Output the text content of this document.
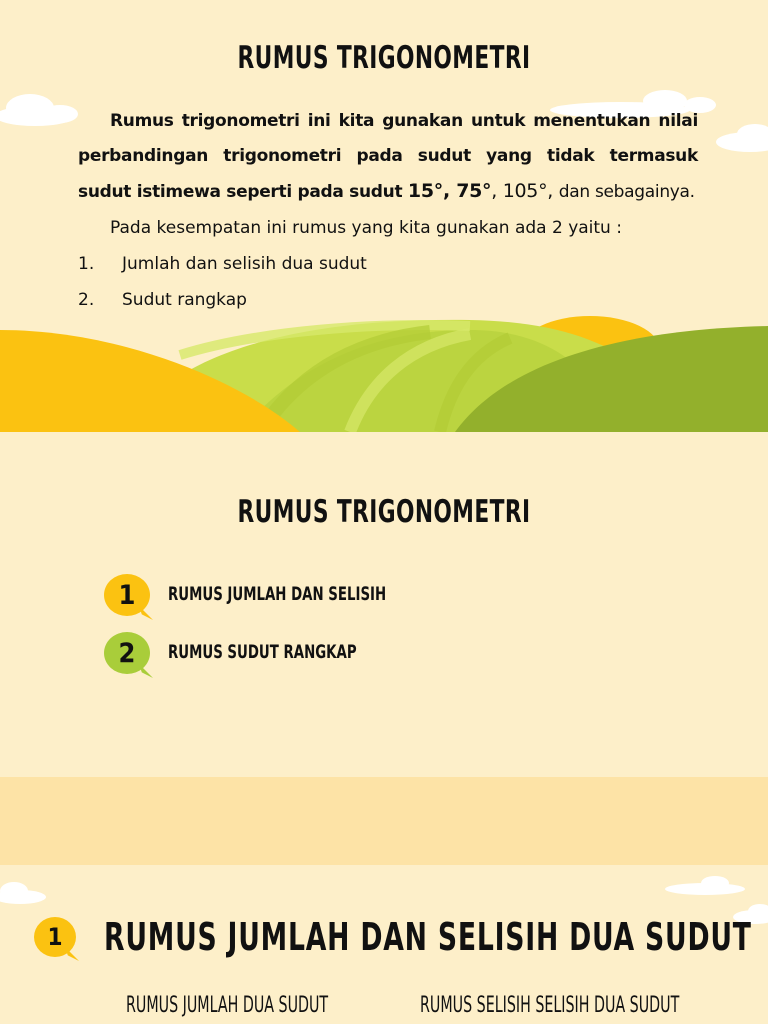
RUMUS TRIGONOMETRI
Rumus trigonometri ini kita gunakan untuk menentukan nilai perbandingan trigonometri pada sudut yang tidak termasuk sudut istimewa seperti pada sudut 15°, 75°, 105°, dan sebagainya.
Pada kesempatan ini rumus yang kita gunakan ada 2 yaitu :
1. Jumlah dan selisih dua sudut
2. Sudut rangkap
RUMUS TRIGONOMETRI
1	RUMUS JUMLAH DAN SELISIH
2	RUMUS SUDUT RANGKAP
1	RUMUS JUMLAH DAN SELISIH DUA SUDUT
RUMUS JUMLAH DUA SUDUT	RUMUS SELISIH SELISIH DUA SUDUT
